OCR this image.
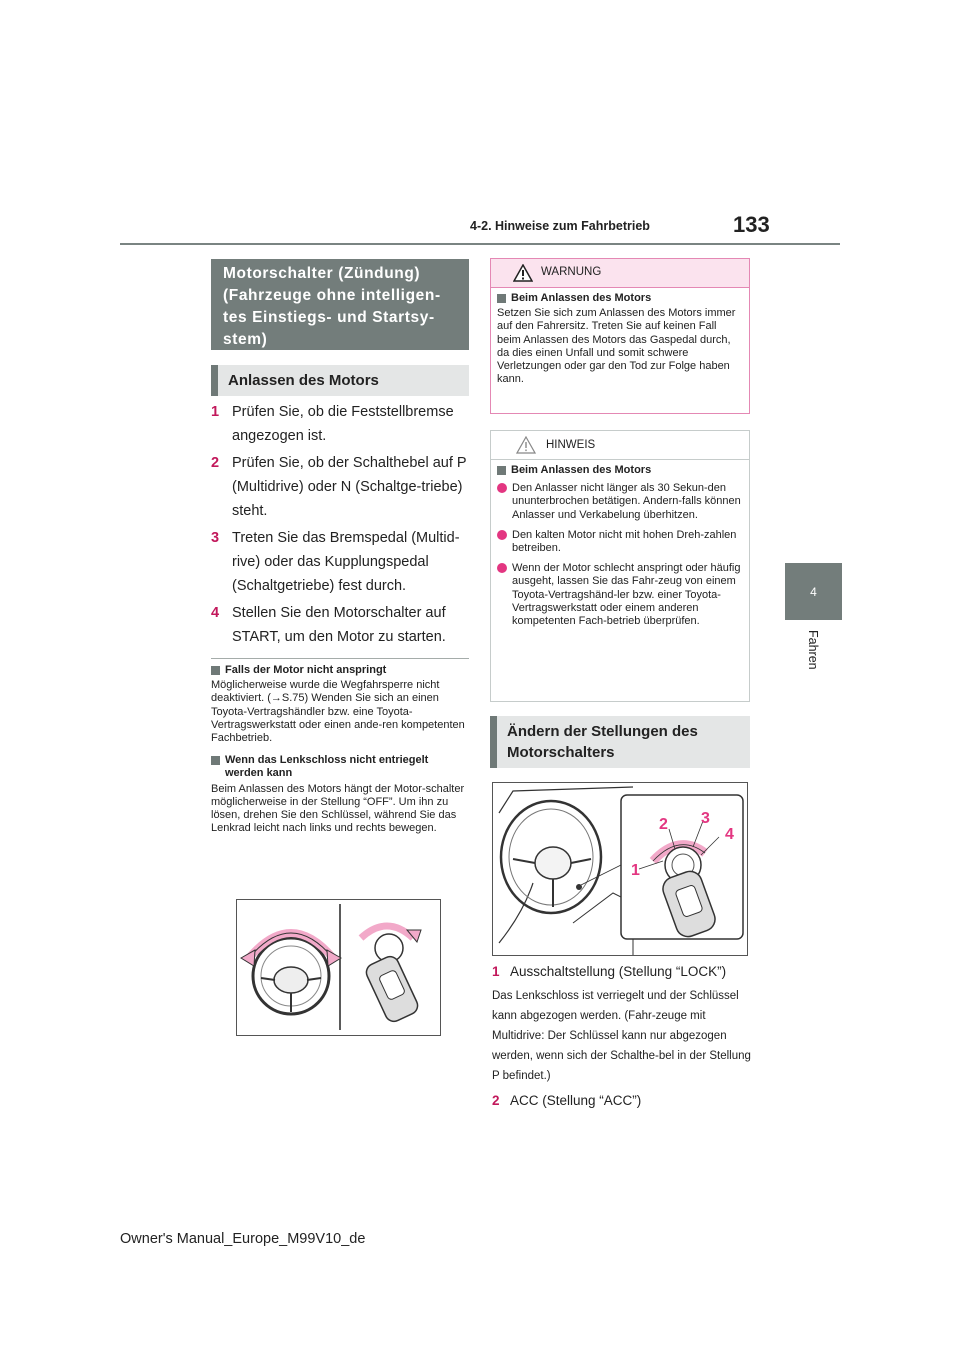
133
4-2. Hinweise zum Fahrbetrieb
4
Fahren
Motorschalter (Zündung) (Fahrzeuge ohne intelligen-tes Einstiegs- und Startsy-stem)
Anlassen des Motors
1 Prüfen Sie, ob die Feststellbremse angezogen ist.
2 Prüfen Sie, ob der Schalthebel auf P (Multidrive) oder N (Schaltge-triebe) steht.
3 Treten Sie das Bremspedal (Multid-rive) oder das Kupplungspedal (Schaltgetriebe) fest durch.
4 Stellen Sie den Motorschalter auf START, um den Motor zu starten.
Falls der Motor nicht anspringt
Möglicherweise wurde die Wegfahrsperre nicht deaktiviert. (→S.75) Wenden Sie sich an einen Toyota-Vertragshändler bzw. eine Toyota-Vertragswerkstatt oder einen ande-ren kompetenten Fachbetrieb.
Wenn das Lenkschloss nicht entriegelt werden kann
Beim Anlassen des Motors hängt der Motor-schalter möglicherweise in der Stellung “OFF”. Um ihn zu lösen, drehen Sie den Schlüssel, während Sie das Lenkrad leicht nach links und rechts bewegen.
WARNUNG
Beim Anlassen des Motors
Setzen Sie sich zum Anlassen des Motors immer auf den Fahrersitz. Treten Sie auf keinen Fall beim Anlassen des Motors das Gaspedal durch, da dies einen Unfall und somit schwere Verletzungen oder gar den Tod zur Folge haben kann.
HINWEIS
Beim Anlassen des Motors
Den Anlasser nicht länger als 30 Sekun-den ununterbrochen betätigen. Andern-falls können Anlasser und Verkabelung überhitzen.
Den kalten Motor nicht mit hohen Dreh-zahlen betreiben.
Wenn der Motor schlecht anspringt oder häufig ausgeht, lassen Sie das Fahr-zeug von einem Toyota-Vertragshänd-ler bzw. einer Toyota-Vertragswerkstatt oder einem anderen kompetenten Fach-betrieb überprüfen.
Ändern der Stellungen des Motorschalters
1
2 3
4
1 Ausschaltstellung (Stellung “LOCK”)
Das Lenkschloss ist verriegelt und der Schlüssel kann abgezogen werden. (Fahr-zeuge mit Multidrive: Der Schlüssel kann nur abgezogen werden, wenn sich der Schalthe-bel in der Stellung P befindet.)
2 ACC (Stellung “ACC”)
Owner's Manual_Europe_M99V10_de
